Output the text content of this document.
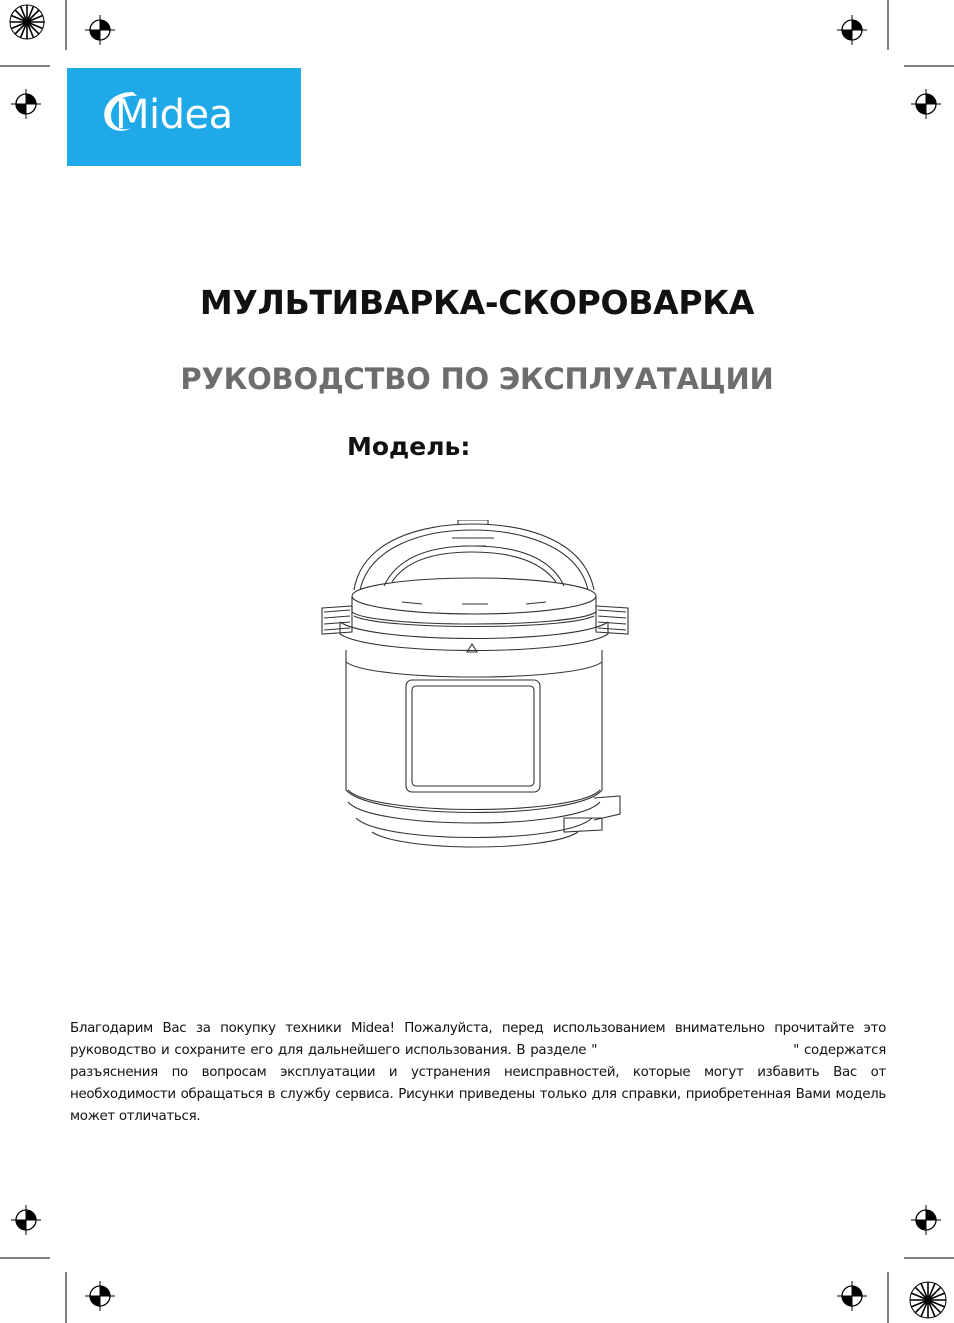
Midea
МУЛЬТИВАРКА-СКОРОВАРКА
РУКОВОДСТВО ПО ЭКСПЛУАТАЦИИ
Модель:
Благодарим Вас за покупку техники Midea! Пожалуйста, перед использованием внимательно прочитайте это руководство и сохраните его для дальнейшего использования. В разделе "	" содержатся разъяснения по вопросам эксплуатации и устранения неисправностей, которые могут избавить Вас от необходимости обращаться в службу сервиса. Рисунки приведены только для справки, приобретенная Вами модель может отличаться.
